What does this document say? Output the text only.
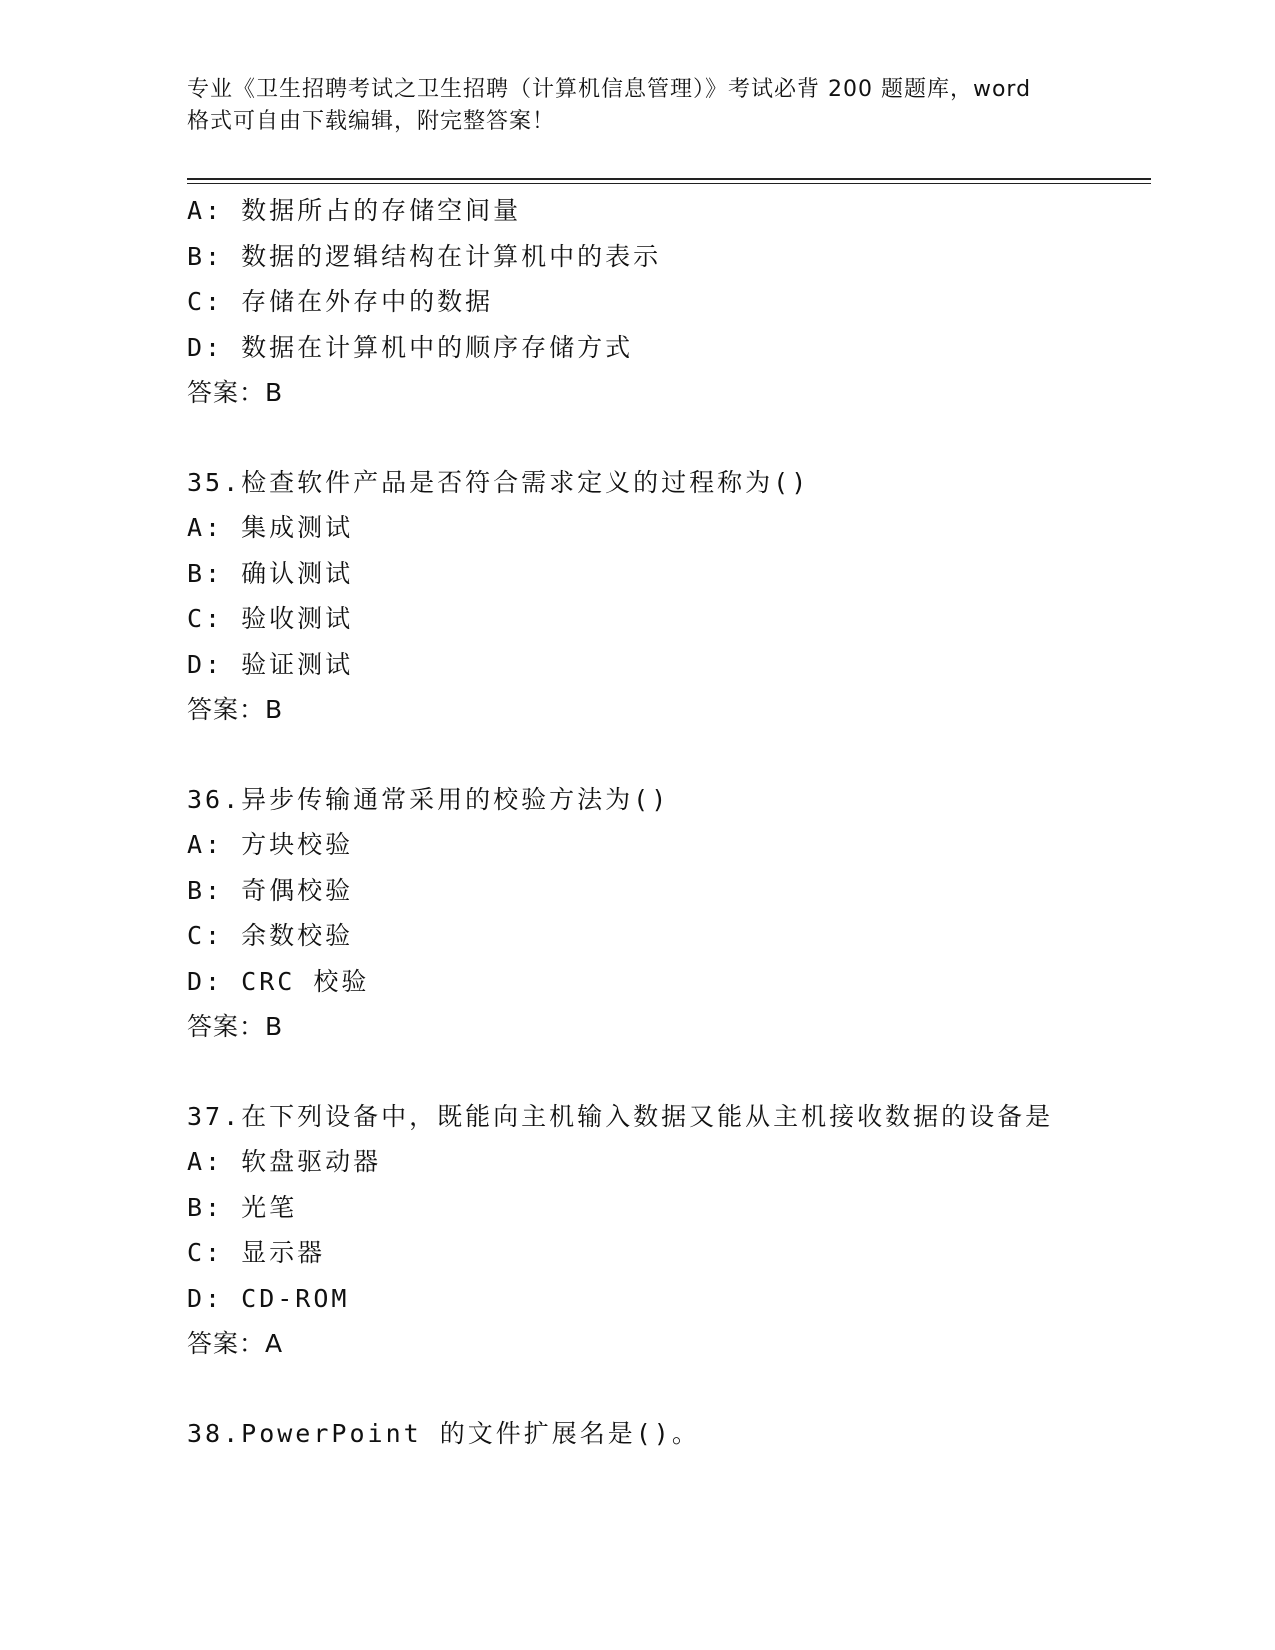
专业《卫生招聘考试之卫生招聘（计算机信息管理）》考试必背 200 题题库，word
格式可自由下载编辑，附完整答案！
A: 数据所占的存储空间量
B: 数据的逻辑结构在计算机中的表示
C: 存储在外存中的数据
D: 数据在计算机中的顺序存储方式
答案：B
35.检查软件产品是否符合需求定义的过程称为()
A: 集成测试
B: 确认测试
C: 验收测试
D: 验证测试
答案：B
36.异步传输通常采用的校验方法为()
A: 方块校验
B: 奇偶校验
C: 余数校验
D: CRC 校验
答案：B
37.在下列设备中，既能向主机输入数据又能从主机接收数据的设备是
A: 软盘驱动器
B: 光笔
C: 显示器
D: CD-ROM
答案：A
38.PowerPoint 的文件扩展名是()。
